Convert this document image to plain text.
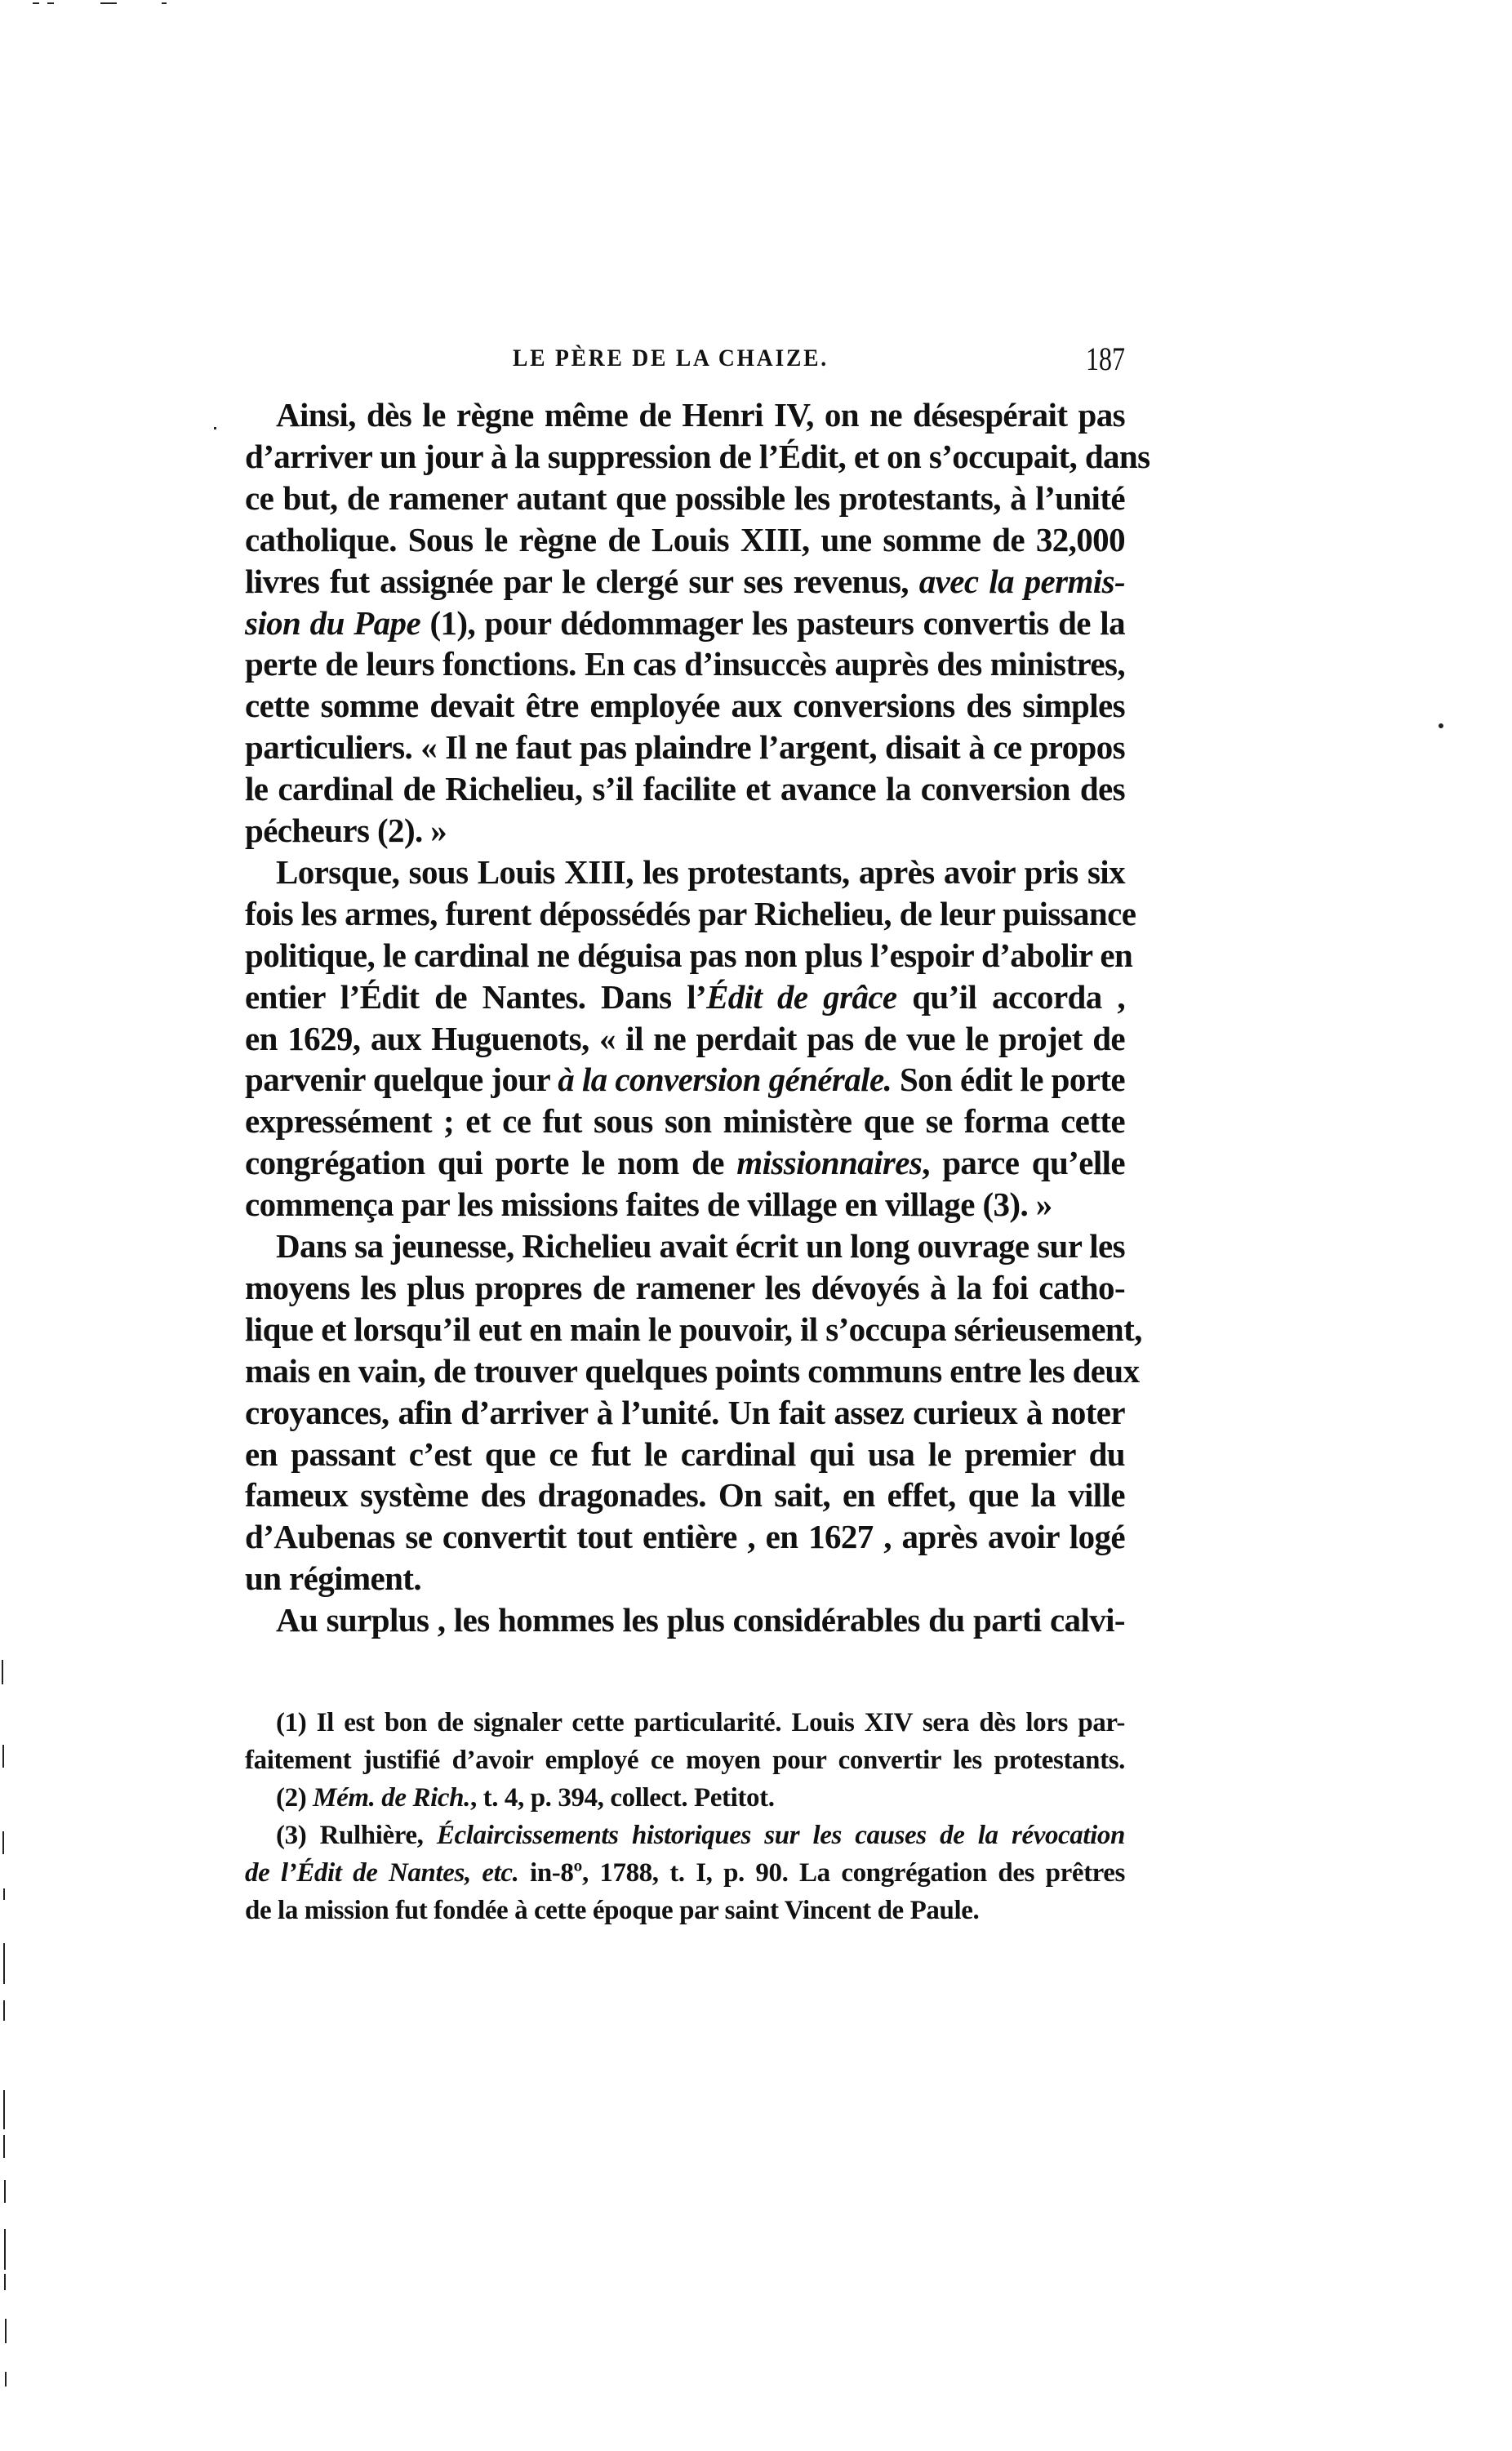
LE PÈRE DE LA CHAIZE.	187
Ainsi, dès le règne même de Henri IV, on ne désespérait pas
d’arriver un jour à la suppression de l’Édit, et on s’occupait, dans
ce but, de ramener autant que possible les protestants, à l’unité
catholique. Sous le règne de Louis XIII, une somme de 32,000
livres fut assignée par le clergé sur ses revenus, avec la permis-
sion du Pape (1), pour dédommager les pasteurs convertis de la
perte de leurs fonctions. En cas d’insuccès auprès des ministres,
cette somme devait être employée aux conversions des simples
particuliers. « Il ne faut pas plaindre l’argent, disait à ce propos
le cardinal de Richelieu, s’il facilite et avance la conversion des
pécheurs (2). »
Lorsque, sous Louis XIII, les protestants, après avoir pris six
fois les armes, furent dépossédés par Richelieu, de leur puissance
politique, le cardinal ne déguisa pas non plus l’espoir d’abolir en
entier l’Édit de Nantes. Dans l’Édit de grâce qu’il accorda ,
en 1629, aux Huguenots, « il ne perdait pas de vue le projet de
parvenir quelque jour à la conversion générale. Son édit le porte
expressément ; et ce fut sous son ministère que se forma cette
congrégation qui porte le nom de missionnaires, parce qu’elle
commença par les missions faites de village en village (3). »
Dans sa jeunesse, Richelieu avait écrit un long ouvrage sur les
moyens les plus propres de ramener les dévoyés à la foi catho-
lique et lorsqu’il eut en main le pouvoir, il s’occupa sérieusement,
mais en vain, de trouver quelques points communs entre les deux
croyances, afin d’arriver à l’unité. Un fait assez curieux à noter
en passant c’est que ce fut le cardinal qui usa le premier du
fameux système des dragonades. On sait, en effet, que la ville
d’Aubenas se convertit tout entière , en 1627 , après avoir logé
un régiment.
Au surplus , les hommes les plus considérables du parti calvi-
(1) Il est bon de signaler cette particularité. Louis XIV sera dès lors par-
faitement justifié d’avoir employé ce moyen pour convertir les protestants.
(2) Mém. de Rich., t. 4, p. 394, collect. Petitot.
(3) Rulhière, Éclaircissements historiques sur les causes de la révocation
de l’Édit de Nantes, etc. in-8º, 1788, t. I, p. 90. La congrégation des prêtres
de la mission fut fondée à cette époque par saint Vincent de Paule.
